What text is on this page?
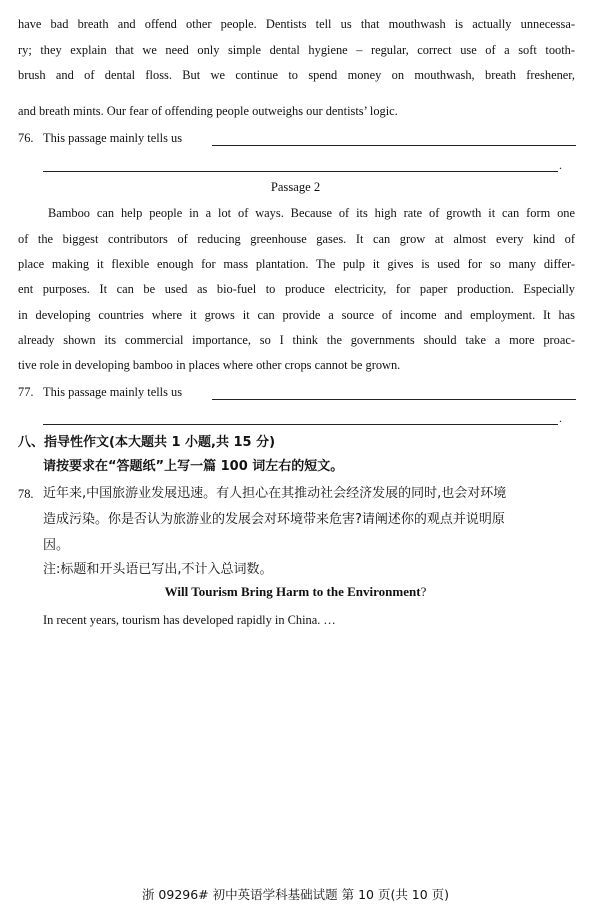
have bad breath and offend other people. Dentists tell us that mouthwash is actually unnecessa-

ry; they explain that we need only simple dental hygiene – regular, correct use of a soft tooth-

brush and of dental floss. But we continue to spend money on mouthwash, breath freshener,

and breath mints. Our fear of offending people outweighs our dentists’ logic.

76. This passage mainly tells us
.
Passage 2

Bamboo can help people in a lot of ways. Because of its high rate of growth it can form one

of the biggest contributors of reducing greenhouse gases. It can grow at almost every kind of

place making it flexible enough for mass plantation. The pulp it gives is used for so many differ-

ent purposes. It can be used as bio-fuel to produce electricity, for paper production. Especially

in developing countries where it grows it can provide a source of income and employment. It has

already shown its commercial importance, so I think the governments should take a more proac-

tive role in developing bamboo in places where other crops cannot be grown.

77. This passage mainly tells us
.
八、指导性作文(本大题共 1 小题,共 15 分)
请按要求在“答题纸”上写一篇 100 词左右的短文。
78. 近年来,中国旅游业发展迅速。有人担心在其推动社会经济发展的同时,也会对环境
造成污染。你是否认为旅游业的发展会对环境带来危害?请阐述你的观点并说明原
因。
注:标题和开头语已写出,不计入总词数。
Will Tourism Bring Harm to the Environment?
In recent years, tourism has developed rapidly in China. …
浙 09296# 初中英语学科基础试题 第 10 页(共 10 页)
